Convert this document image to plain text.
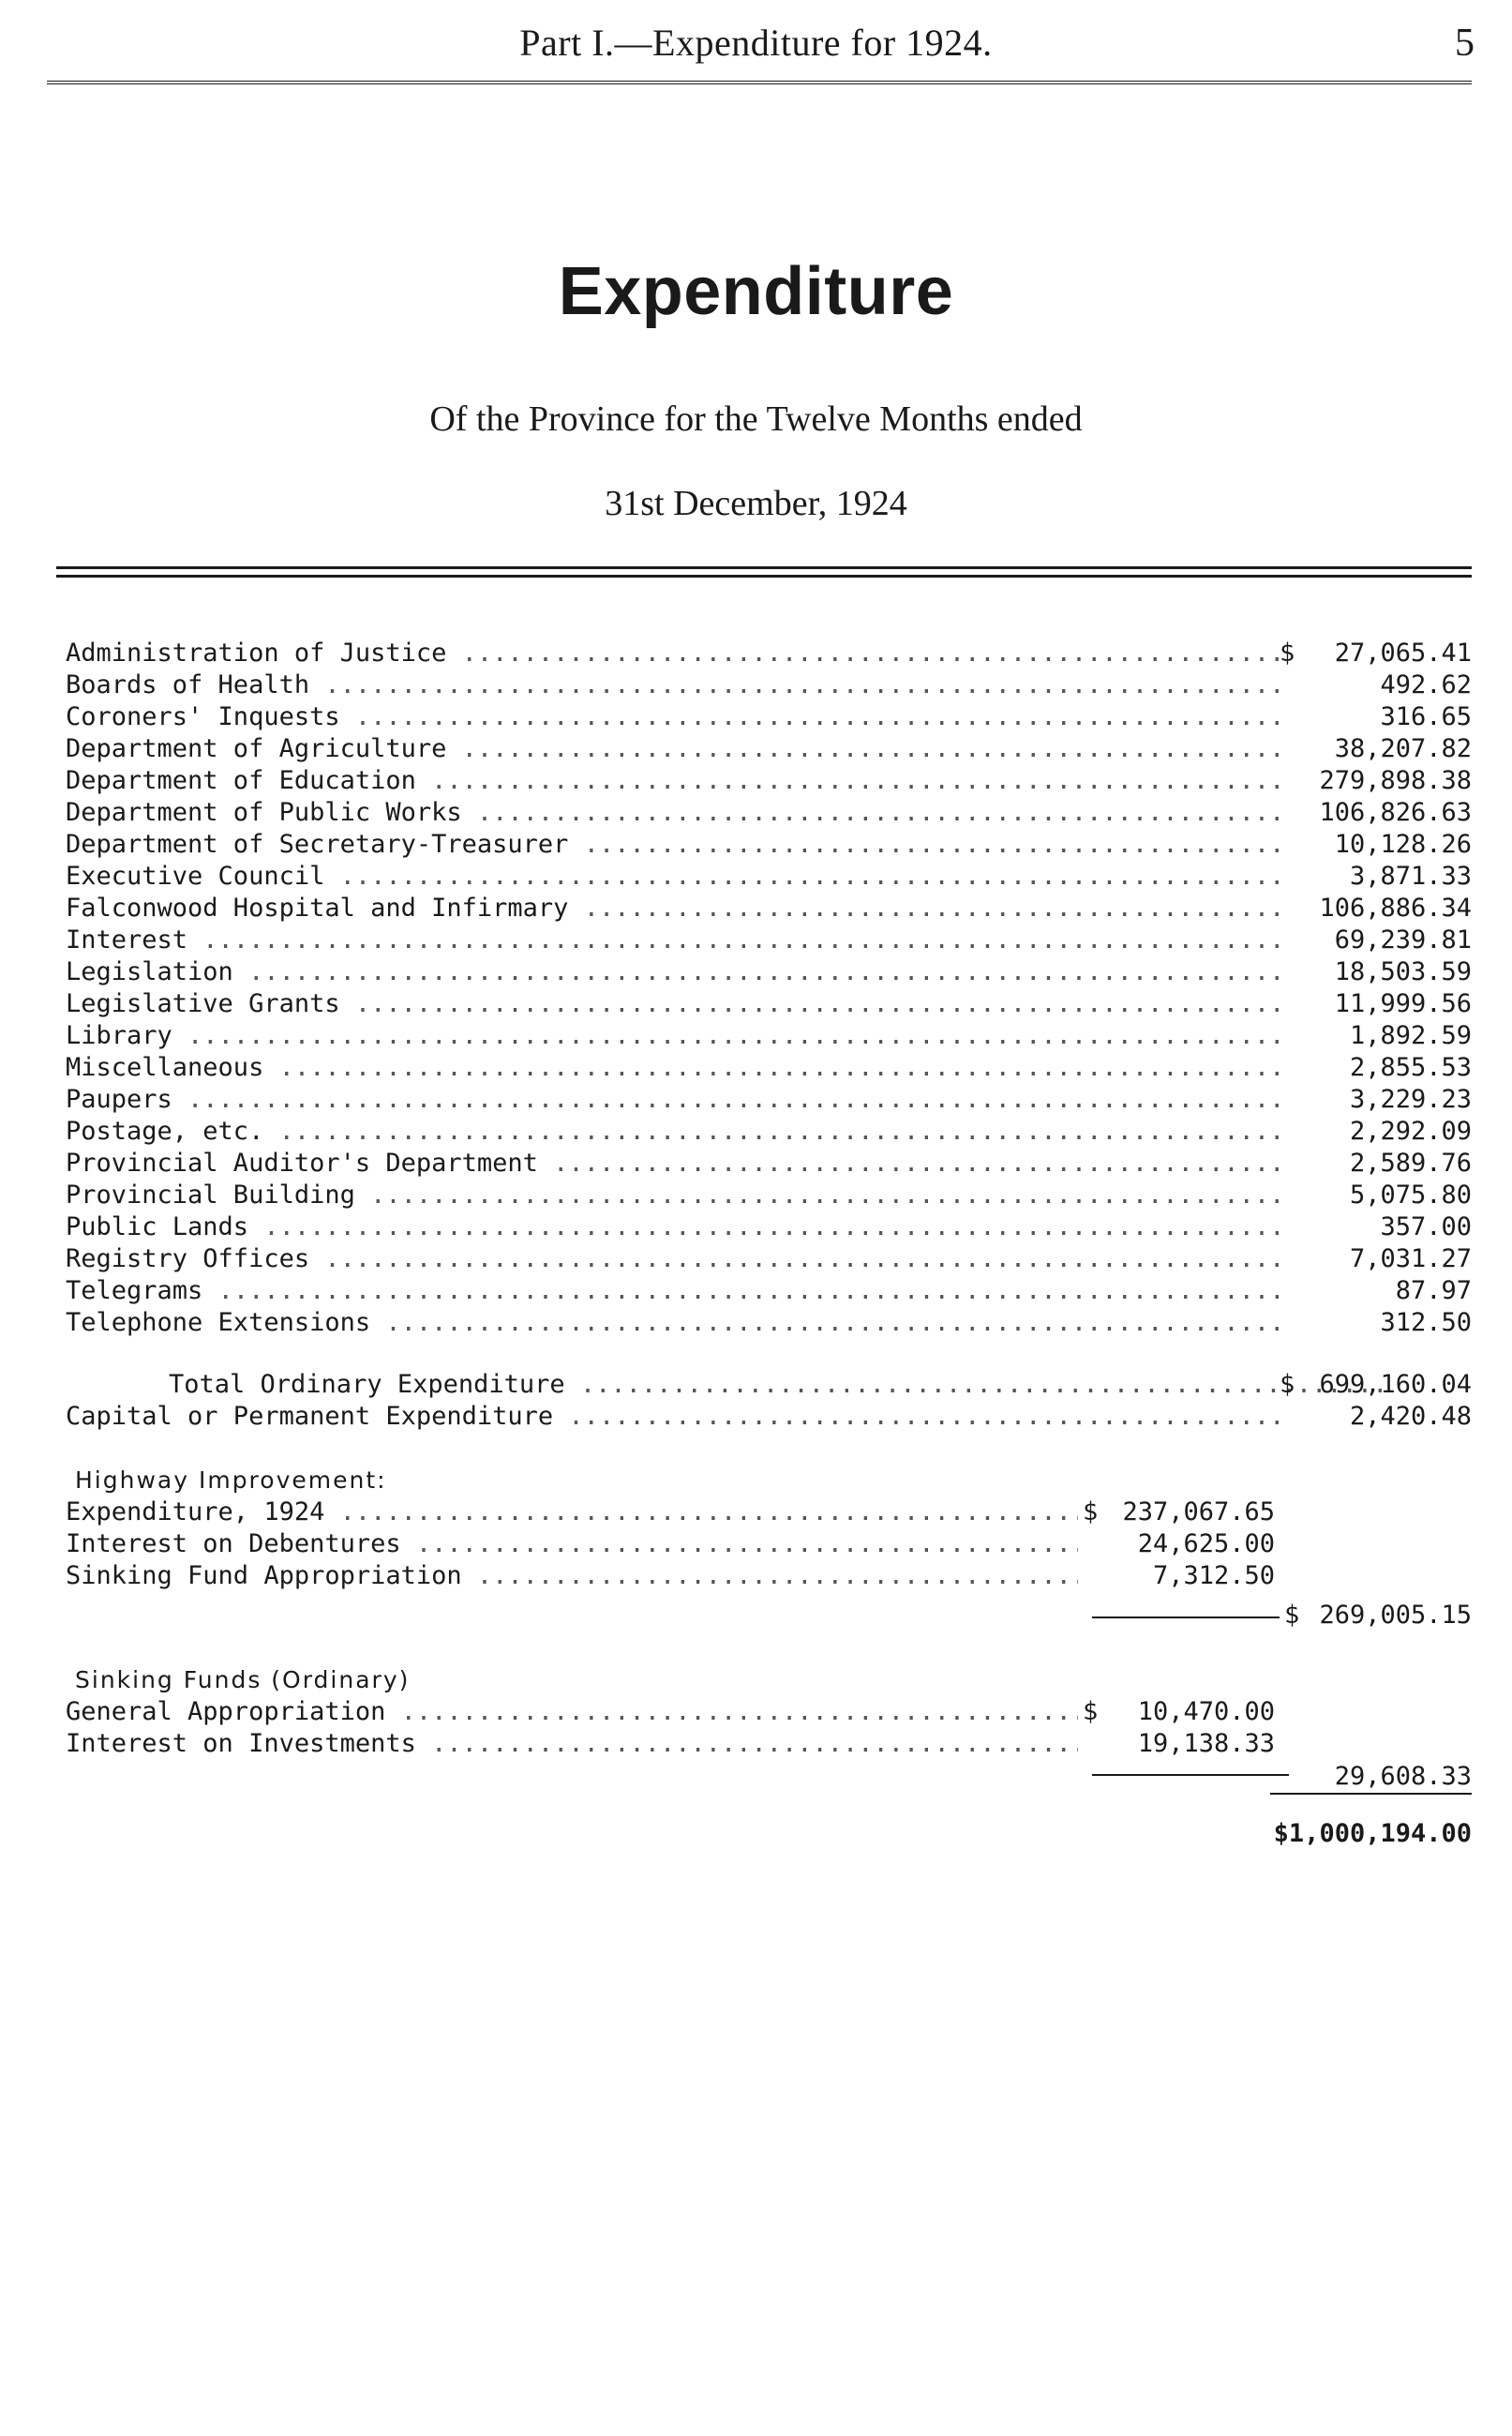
Part I.—Expenditure for 1924.	5
Expenditure
Of the Province for the Twelve Months ended
31st December, 1924
Administration of Justice .....	$	27,065.41
Boards of Health .....	492.62
Coroners' Inquests .....	316.65
Department of Agriculture .....	38,207.82
Department of Education .....	279,898.38
Department of Public Works .....	106,826.63
Department of Secretary-Treasurer .....	10,128.26
Executive Council .....	3,871.33
Falconwood Hospital and Infirmary .....	106,886.34
Interest .....	69,239.81
Legislation .....	18,503.59
Legislative Grants .....	11,999.56
Library .....	1,892.59
Miscellaneous .....	2,855.53
Paupers .....	3,229.23
Postage, etc. .....	2,292.09
Provincial Auditor's Department .....	2,589.76
Provincial Building .....	5,075.80
Public Lands .....	357.00
Registry Offices .....	7,031.27
Telegrams .....	87.97
Telephone Extensions .....	312.50
Total Ordinary Expenditure .....	$ 699,160.04
Capital or Permanent Expenditure .....	2,420.48
Highway Improvement:
Expenditure, 1924 .....	$ 237,067.65
Interest on Debentures .....	24,625.00
Sinking Fund Appropriation .....	7,312.50
$ 269,005.15
Sinking Funds (Ordinary)
General Appropriation .....	$	10,470.00
Interest on Investments .....	19,138.33
29,608.33
$1,000,194.00
